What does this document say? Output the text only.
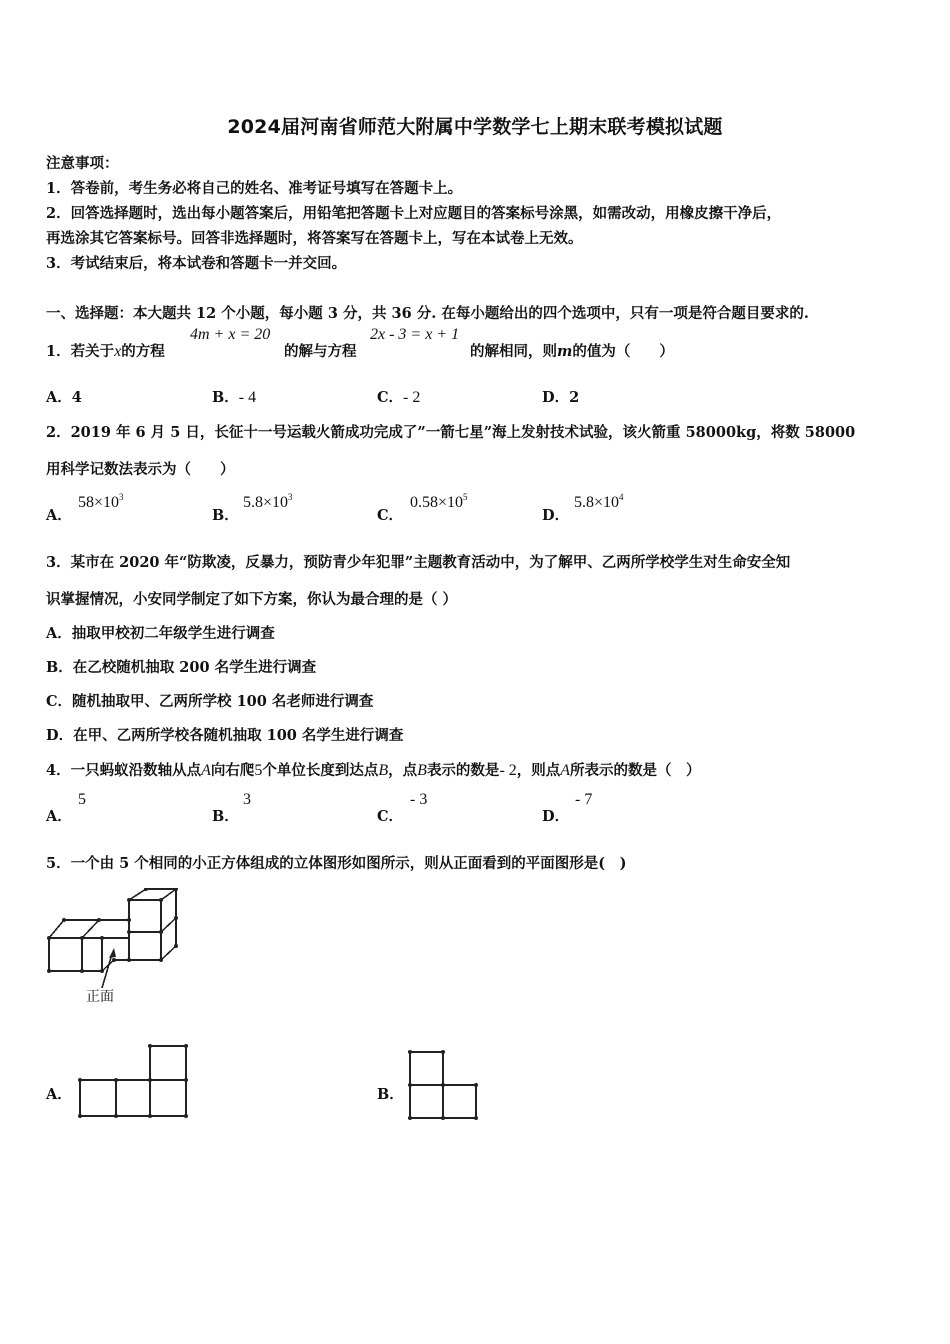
2024届河南省师范大附属中学数学七上期末联考模拟试题
注意事项：
1．答卷前，考生务必将自己的姓名、准考证号填写在答题卡上。
2．回答选择题时，选出每小题答案后，用铅笔把答题卡上对应题目的答案标号涂黑，如需改动，用橡皮擦干净后，
再选涂其它答案标号。回答非选择题时，将答案写在答题卡上，写在本试卷上无效。
3．考试结束后，将本试卷和答题卡一并交回。
一、选择题：本大题共 12 个小题，每小题 3 分，共 36 分. 在每小题给出的四个选项中，只有一项是符合题目要求的.
1．若关于x的方程
4m + x = 20
的解与方程
2x - 3 = x + 1
的解相同，则m的值为（　　）
A．4	B．- 4	C．- 2	D．2
2．2019 年 6 月 5 日，长征十一号运载火箭成功完成了”一箭七星”海上发射技术试验，该火箭重 58000kg，将数 58000
用科学记数法表示为（　　）
A．
$58\times 10^3$
B．
$5.8\times 10^3$
C．
$0.58\times 10^5$
D．
$5.8\times 10^4$
3．某市在 2020 年“防欺凌，反暴力，预防青少年犯罪”主题教育活动中，为了解甲、乙两所学校学生对生命安全知
识掌握情况，小安同学制定了如下方案，你认为最合理的是（ ）
A．抽取甲校初二年级学生进行调查
B．在乙校随机抽取 200 名学生进行调查
C．随机抽取甲、乙两所学校 100 名老师进行调查
D．在甲、乙两所学校各随机抽取 100 名学生进行调查
4．一只蚂蚁沿数轴从点A向右爬5个单位长度到达点B，点B表示的数是- 2，则点A所表示的数是（　）
A．
5
B．
3
C．
- 3
D．
- 7
5．一个由 5 个相同的小正方体组成的立体图形如图所示，则从正面看到的平面图形是(　)
正面
A．	B．
